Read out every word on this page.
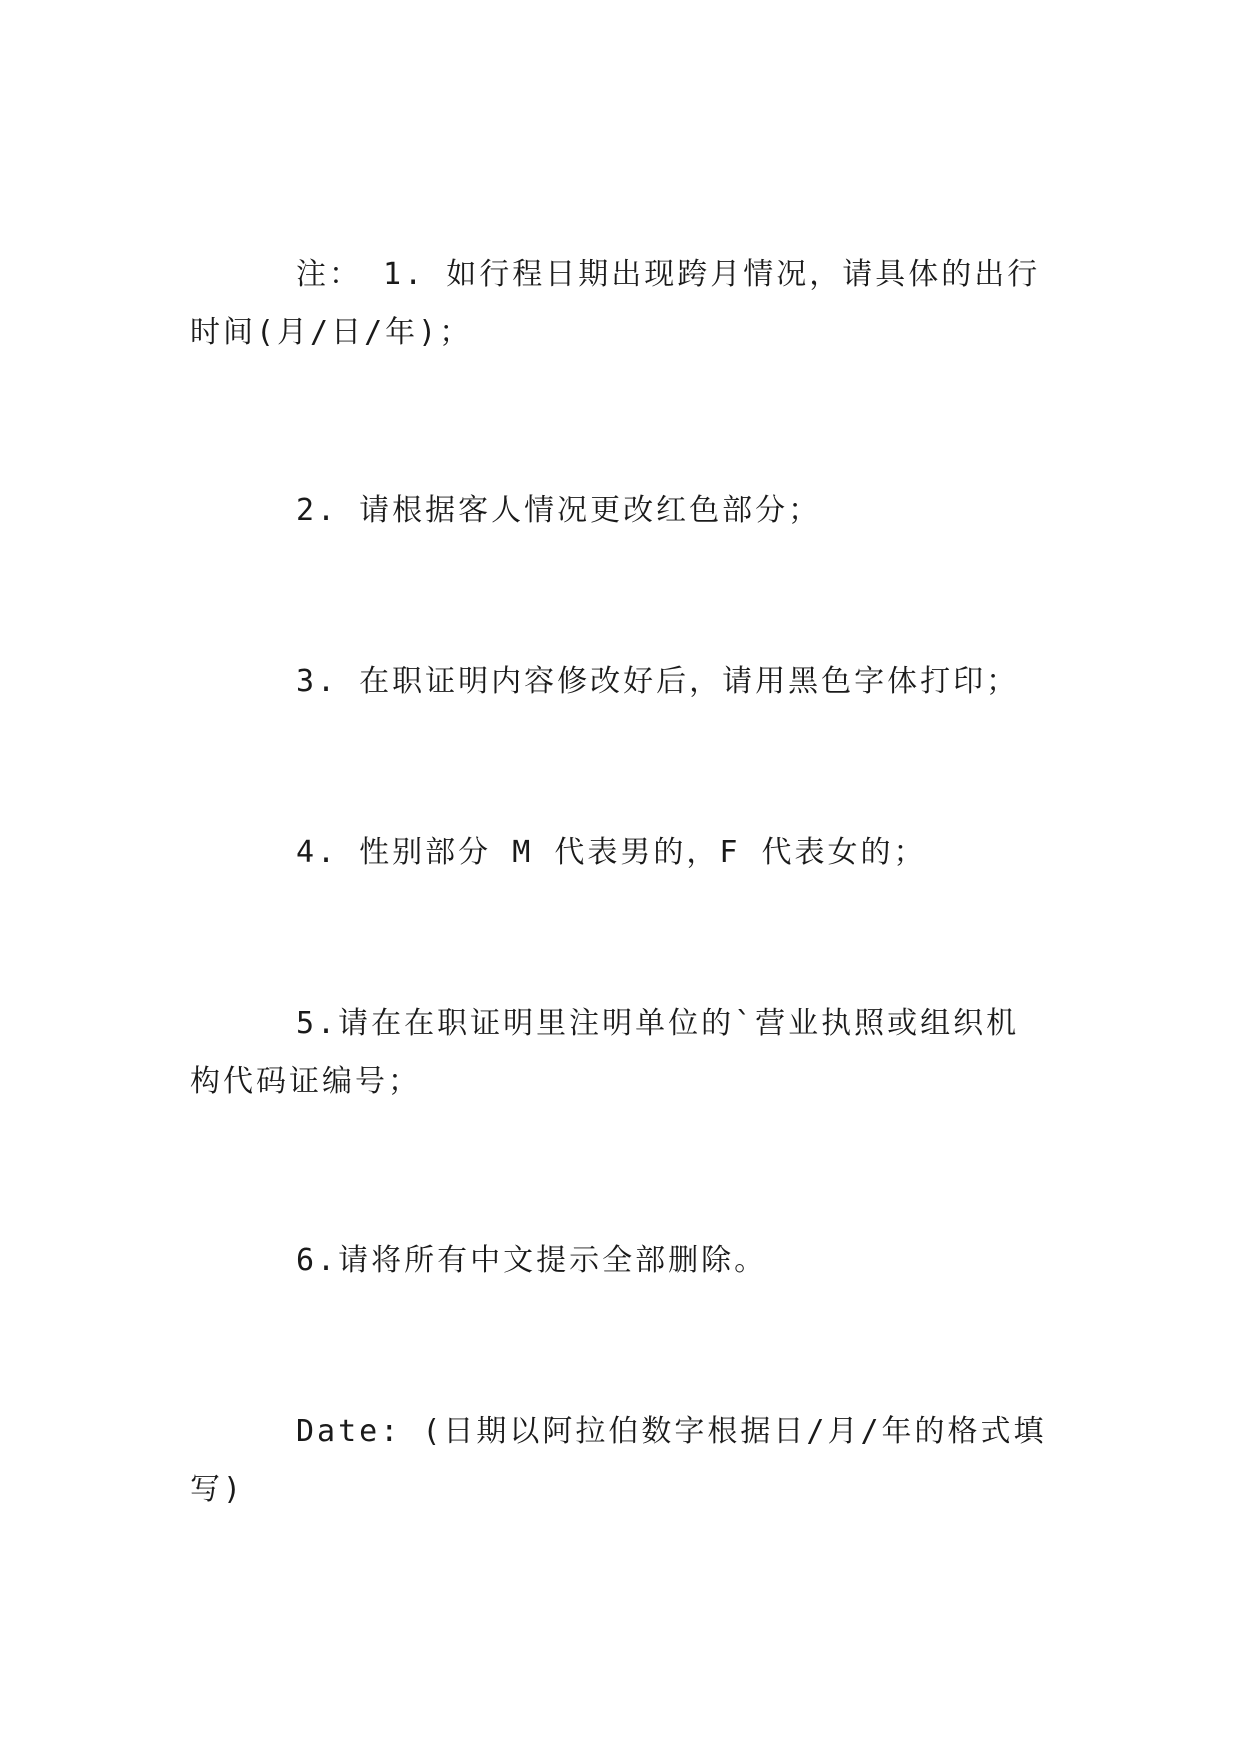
注： 1. 如行程日期出现跨月情况，请具体的出行时间(月/日/年)；

2. 请根据客人情况更改红色部分；

3. 在职证明内容修改好后，请用黑色字体打印；

4. 性别部分 M 代表男的，F 代表女的；

5.请在在职证明里注明单位的`营业执照或组织机构代码证编号；

6.请将所有中文提示全部删除。

Date: (日期以阿拉伯数字根据日/月/年的格式填写)
